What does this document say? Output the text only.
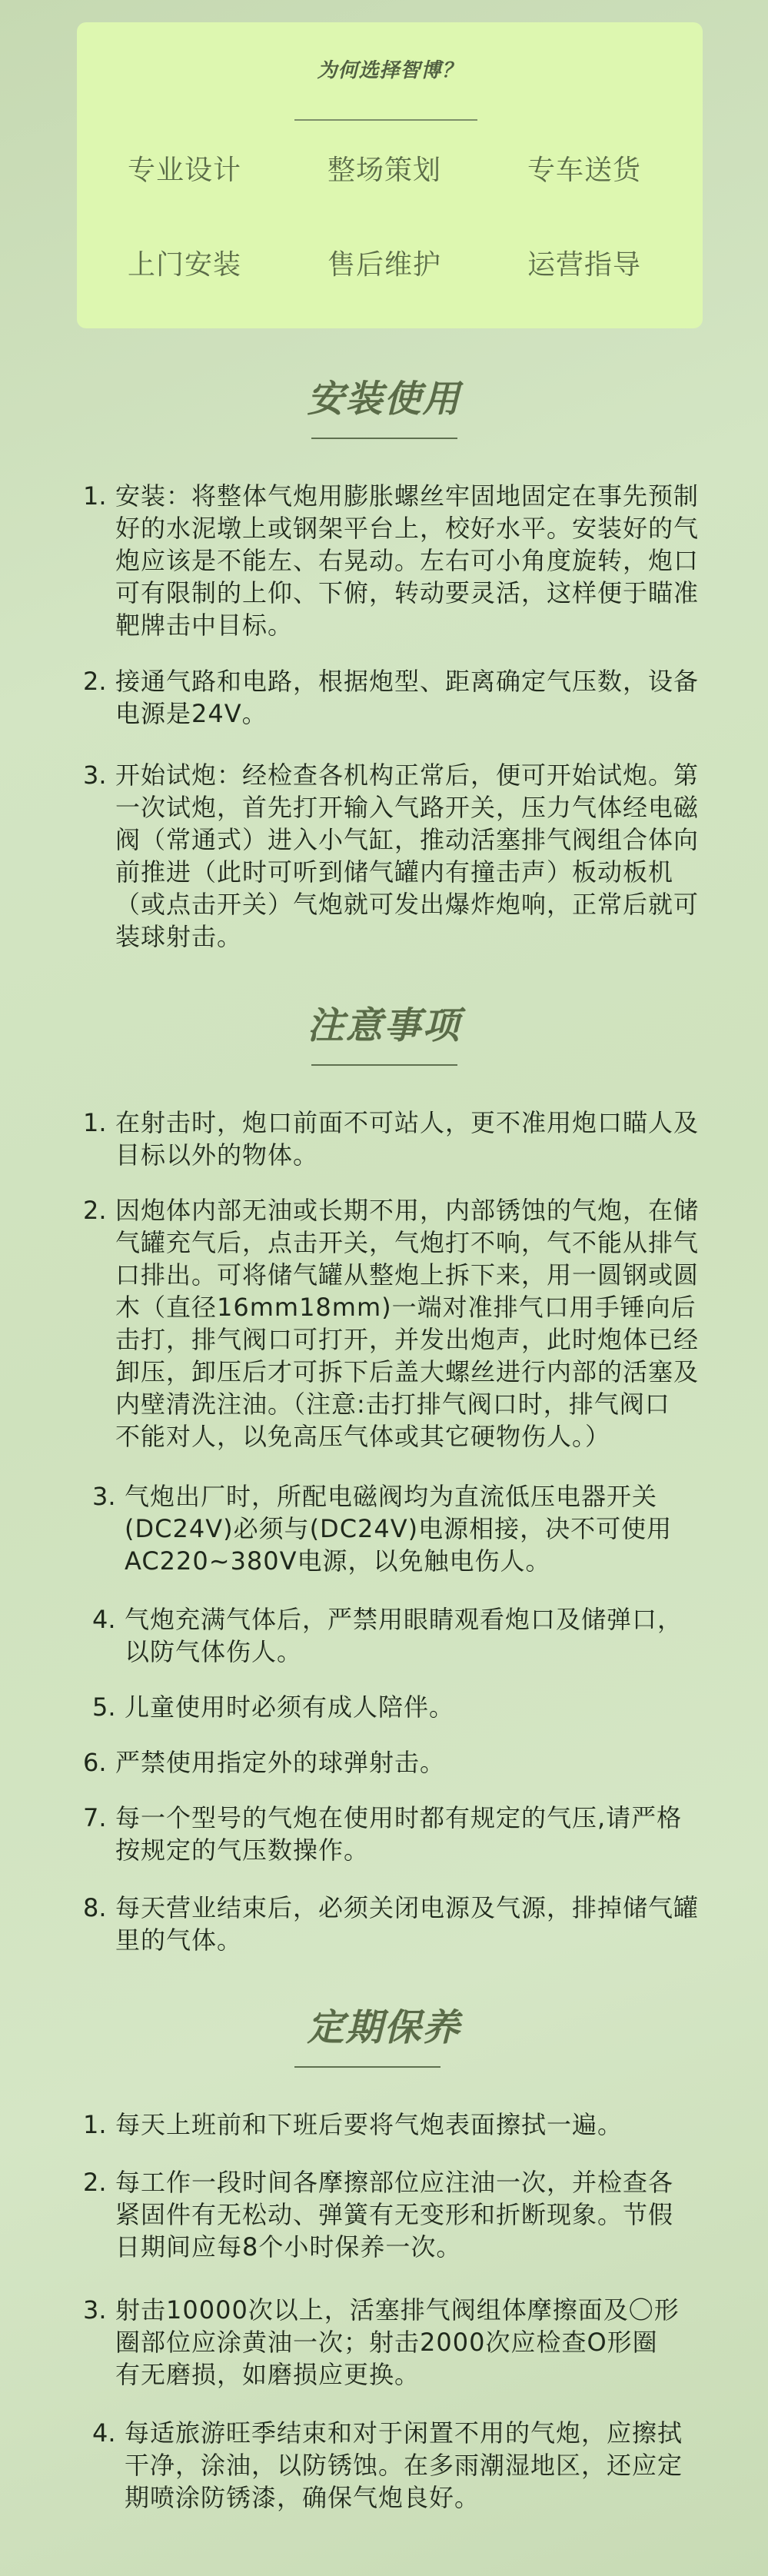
为何选择智博？
专业设计	整场策划	专车送货
上门安装	售后维护	运营指导
安装使用
1. 安装：将整体气炮用膨胀螺丝牢固地固定在事先预制
好的水泥墩上或钢架平台上，校好水平。安装好的气
炮应该是不能左、右晃动。左右可小角度旋转，炮口
可有限制的上仰、下俯，转动要灵活，这样便于瞄准
靶牌击中目标。
2. 接通气路和电路，根据炮型、距离确定气压数，设备
电源是24V。
3. 开始试炮：经检查各机构正常后，便可开始试炮。第
一次试炮，首先打开输入气路开关，压力气体经电磁
阀（常通式）进入小气缸，推动活塞排气阀组合体向
前推进（此时可听到储气罐内有撞击声）板动板机
（或点击开关）气炮就可发出爆炸炮响，正常后就可
装球射击。
注意事项
1. 在射击时，炮口前面不可站人，更不准用炮口瞄人及
目标以外的物体。
2. 因炮体内部无油或长期不用，内部锈蚀的气炮，在储
气罐充气后，点击开关，气炮打不响，气不能从排气
口排出。可将储气罐从整炮上拆下来，用一圆钢或圆
木（直径16mm18mm)一端对准排气口用手锤向后
击打，排气阀口可打开，并发出炮声，此时炮体已经
卸压，卸压后才可拆下后盖大螺丝进行内部的活塞及
内壁清洗注油。（注意:击打排气阀口时，排气阀口
不能对人，以免高压气体或其它硬物伤人。）
3. 气炮出厂时，所配电磁阀均为直流低压电器开关
(DC24V)必须与(DC24V)电源相接，决不可使用
AC220~380V电源，以免触电伤人。
4. 气炮充满气体后，严禁用眼睛观看炮口及储弹口，
以防气体伤人。
5. 儿童使用时必须有成人陪伴。
6. 严禁使用指定外的球弹射击。
7. 每一个型号的气炮在使用时都有规定的气压,请严格
按规定的气压数操作。
8. 每天营业结束后，必须关闭电源及气源，排掉储气罐
里的气体。
定期保养
1. 每天上班前和下班后要将气炮表面擦拭一遍。
2. 每工作一段时间各摩擦部位应注油一次，并检查各
紧固件有无松动、弹簧有无变形和折断现象。节假
日期间应每8个小时保养一次。
3. 射击10000次以上，活塞排气阀组体摩擦面及〇形
圈部位应涂黄油一次；射击2000次应检查O形圈
有无磨损，如磨损应更换。
4. 每适旅游旺季结束和对于闲置不用的气炮，应擦拭
干净，涂油，以防锈蚀。在多雨潮湿地区，还应定
期喷涂防锈漆，确保气炮良好。
